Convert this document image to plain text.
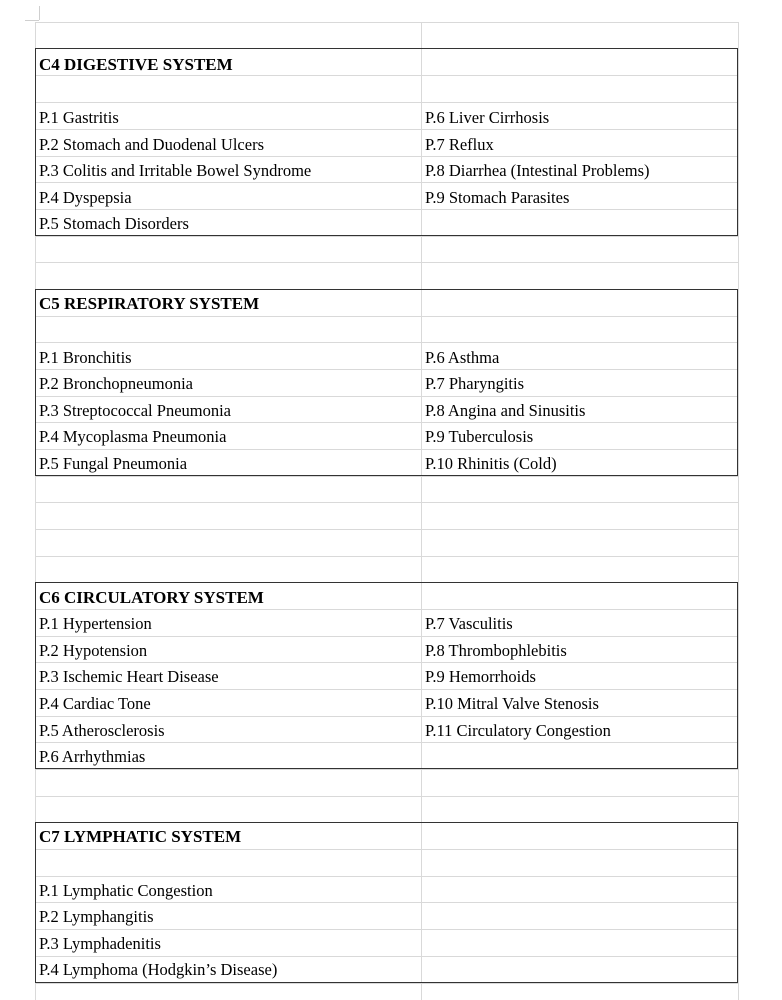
C4 DIGESTIVE SYSTEM
P.1 Gastritis
P.2 Stomach and Duodenal Ulcers
P.3 Colitis and Irritable Bowel Syndrome
P.4 Dyspepsia
P.5 Stomach Disorders
P.6 Liver Cirrhosis
P.7 Reflux
P.8 Diarrhea (Intestinal Problems)
P.9 Stomach Parasites
C5 RESPIRATORY SYSTEM
P.1 Bronchitis
P.2 Bronchopneumonia
P.3 Streptococcal Pneumonia
P.4 Mycoplasma Pneumonia
P.5 Fungal Pneumonia
P.6 Asthma
P.7 Pharyngitis
P.8 Angina and Sinusitis
P.9 Tuberculosis
P.10 Rhinitis (Cold)
C6 CIRCULATORY SYSTEM
P.1 Hypertension
P.2 Hypotension
P.3 Ischemic Heart Disease
P.4 Cardiac Tone
P.5 Atherosclerosis
P.6 Arrhythmias
P.7 Vasculitis
P.8 Thrombophlebitis
P.9 Hemorrhoids
P.10 Mitral Valve Stenosis
P.11 Circulatory Congestion
C7 LYMPHATIC SYSTEM
P.1 Lymphatic Congestion
P.2 Lymphangitis
P.3 Lymphadenitis
P.4 Lymphoma (Hodgkin’s Disease)
